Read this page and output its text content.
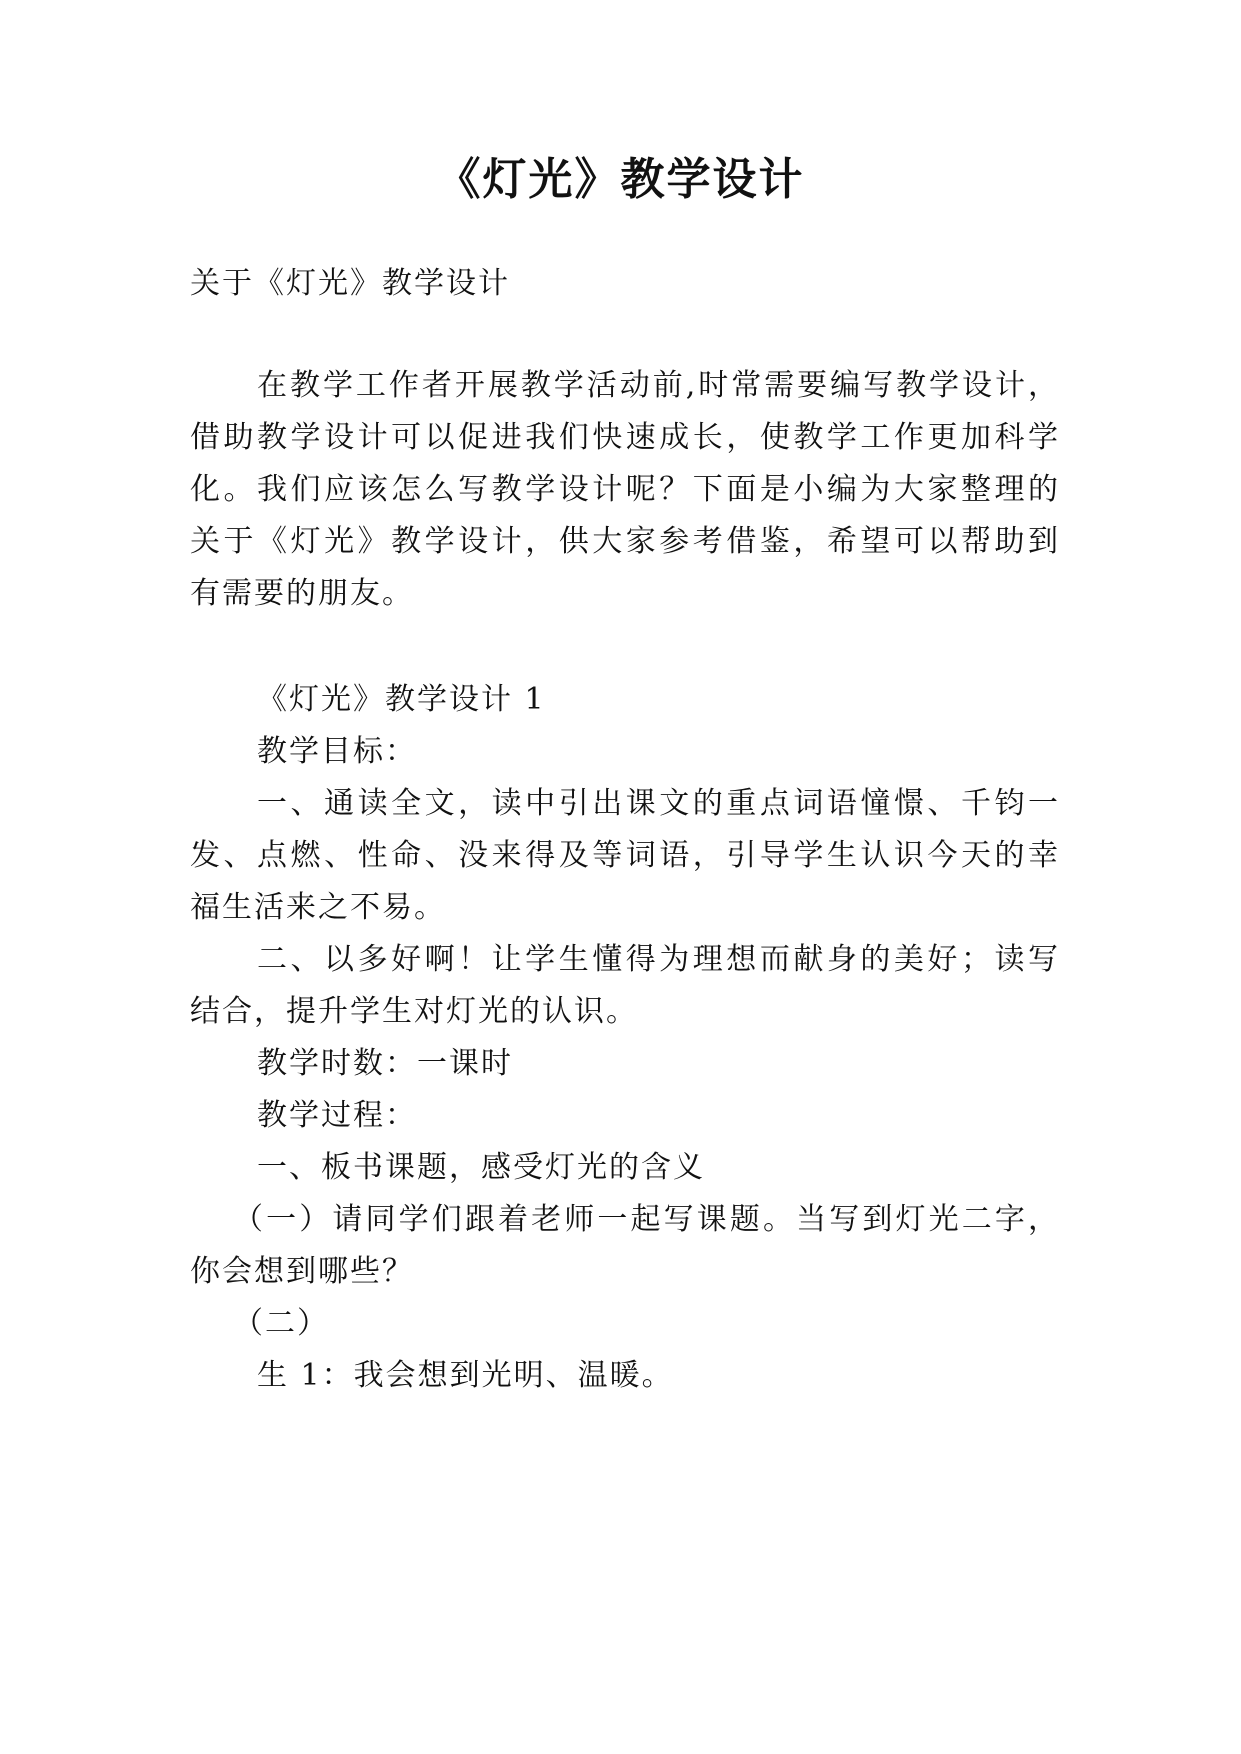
《灯光》教学设计

关于《灯光》教学设计

在教学工作者开展教学活动前,时常需要编写教学设计，

借助教学设计可以促进我们快速成长，使教学工作更加科学

化。我们应该怎么写教学设计呢？下面是小编为大家整理的

关于《灯光》教学设计，供大家参考借鉴，希望可以帮助到

有需要的朋友。

《灯光》教学设计 1

教学目标：

一、通读全文，读中引出课文的重点词语憧憬、千钧一

发、点燃、性命、没来得及等词语，引导学生认识今天的幸

福生活来之不易。

二、以多好啊！让学生懂得为理想而献身的美好；读写

结合，提升学生对灯光的认识。

教学时数：一课时

教学过程：

一、板书课题，感受灯光的含义

（一）请同学们跟着老师一起写课题。当写到灯光二字，

你会想到哪些？

（二）

生 1：我会想到光明、温暖。
